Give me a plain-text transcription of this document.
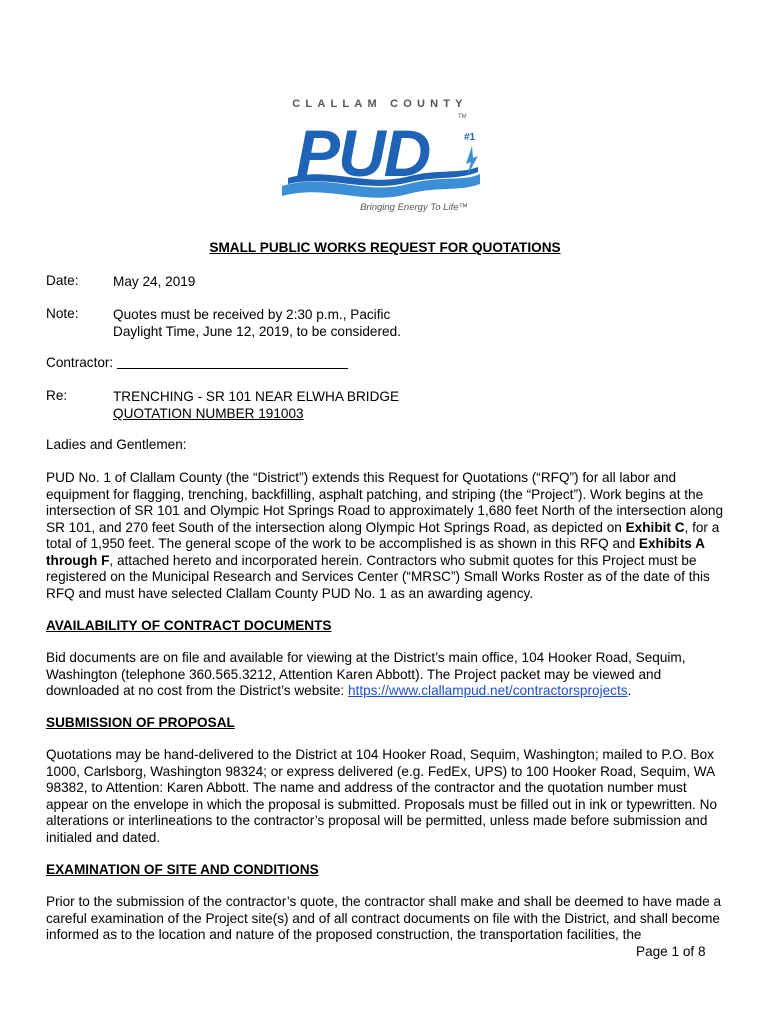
CLALLAM COUNTY
PUD	TM
#1
Bringing Energy To Life™
SMALL PUBLIC WORKS REQUEST FOR QUOTATIONS
Date:	May 24, 2019
Note:	Quotes must be received by 2:30 p.m., Pacific
Daylight Time, June 12, 2019, to be considered.
Contractor:
Re:	TRENCHING - SR 101 NEAR ELWHA BRIDGE
QUOTATION NUMBER 191003
Ladies and Gentlemen:

PUD No. 1 of Clallam County (the “District”) extends this Request for Quotations (“RFQ”) for all labor and equipment for flagging, trenching, backfilling, asphalt patching, and striping (the “Project”). Work begins at the intersection of SR 101 and Olympic Hot Springs Road to approximately 1,680 feet North of the intersection along SR 101, and 270 feet South of the intersection along Olympic Hot Springs Road, as depicted on Exhibit C, for a total of 1,950 feet. The general scope of the work to be accomplished is as shown in this RFQ and Exhibits A through F, attached hereto and incorporated herein. Contractors who submit quotes for this Project must be registered on the Municipal Research and Services Center (“MRSC”) Small Works Roster as of the date of this RFQ and must have selected Clallam County PUD No. 1 as an awarding agency.

AVAILABILITY OF CONTRACT DOCUMENTS

Bid documents are on file and available for viewing at the District’s main office, 104 Hooker Road, Sequim, Washington (telephone 360.565.3212, Attention Karen Abbott). The Project packet may be viewed and downloaded at no cost from the District’s website: https://www.clallampud.net/contractorsprojects.

SUBMISSION OF PROPOSAL

Quotations may be hand-delivered to the District at 104 Hooker Road, Sequim, Washington; mailed to P.O. Box 1000, Carlsborg, Washington 98324; or express delivered (e.g. FedEx, UPS) to 100 Hooker Road, Sequim, WA 98382, to Attention: Karen Abbott. The name and address of the contractor and the quotation number must appear on the envelope in which the proposal is submitted. Proposals must be filled out in ink or typewritten. No alterations or interlineations to the contractor’s proposal will be permitted, unless made before submission and initialed and dated.

EXAMINATION OF SITE AND CONDITIONS

Prior to the submission of the contractor’s quote, the contractor shall make and shall be deemed to have made a careful examination of the Project site(s) and of all contract documents on file with the District, and shall become informed as to the location and nature of the proposed construction, the transportation facilities, the

Page 1 of 8
